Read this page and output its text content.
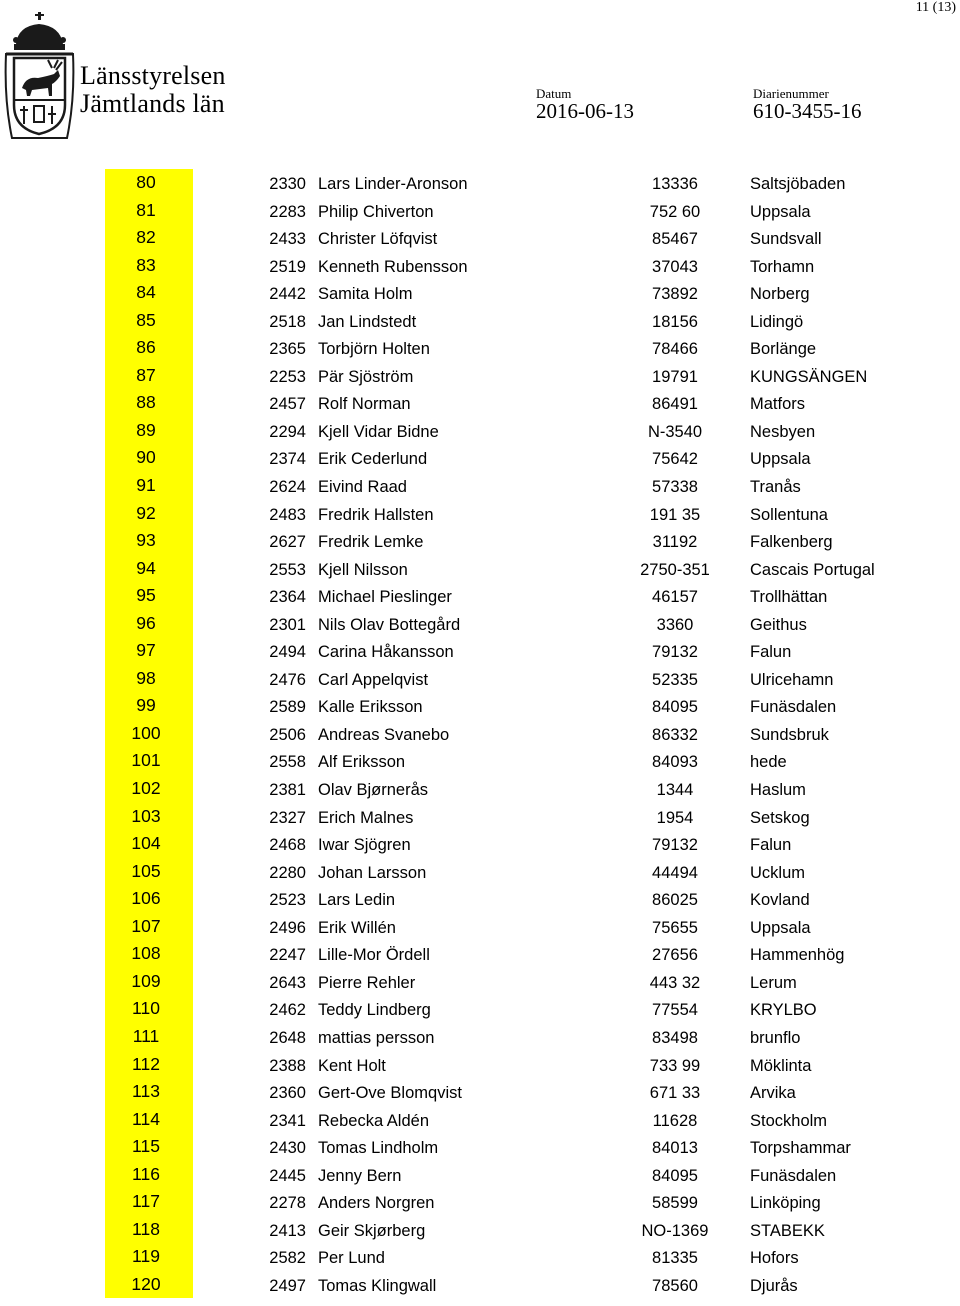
11 (13)
Länsstyrelsen
Jämtlands län	Datum
2016-06-13
Diarienummer
610-3455-16
80	2330 Lars Linder-Aronson	13336	Saltsjöbaden
81	2283 Philip Chiverton	752 60	Uppsala
82	2433 Christer Löfqvist	85467	Sundsvall
83	2519 Kenneth Rubensson	37043	Torhamn
84	2442 Samita Holm	73892	Norberg
85	2518 Jan Lindstedt	18156	Lidingö
86	2365 Torbjörn Holten	78466	Borlänge
87	2253 Pär Sjöström	19791	KUNGSÄNGEN
88	2457 Rolf Norman	86491	Matfors
89	2294 Kjell Vidar Bidne	N-3540	Nesbyen
90	2374 Erik Cederlund	75642	Uppsala
91	2624 Eivind Raad	57338	Tranås
92	2483 Fredrik Hallsten	191 35	Sollentuna
93	2627 Fredrik Lemke	31192	Falkenberg
94	2553 Kjell Nilsson	2750-351	Cascais Portugal
95	2364 Michael Pieslinger	46157	Trollhättan
96	2301 Nils Olav Bottegård	3360	Geithus
97	2494 Carina Håkansson	79132	Falun
98	2476 Carl Appelqvist	52335	Ulricehamn
99	2589 Kalle Eriksson	84095	Funäsdalen
100	2506 Andreas Svanebo	86332	Sundsbruk
101	2558 Alf Eriksson	84093	hede
102	2381 Olav Bjørnerås	1344	Haslum
103	2327 Erich Malnes	1954	Setskog
104	2468 Iwar Sjögren	79132	Falun
105	2280 Johan Larsson	44494	Ucklum
106	2523 Lars Ledin	86025	Kovland
107	2496 Erik Willén	75655	Uppsala
108	2247 Lille-Mor Ördell	27656	Hammenhög
109	2643 Pierre Rehler	443 32	Lerum
110	2462 Teddy Lindberg	77554	KRYLBO
111	2648 mattias persson	83498	brunflo
112	2388 Kent Holt	733 99	Möklinta
113	2360 Gert-Ove Blomqvist	671 33	Arvika
114	2341 Rebecka Aldén	11628	Stockholm
115	2430 Tomas Lindholm	84013	Torpshammar
116	2445 Jenny Bern	84095	Funäsdalen
117	2278 Anders Norgren	58599	Linköping
118	2413 Geir Skjørberg	NO-1369	STABEKK
119	2582 Per Lund	81335	Hofors
120	2497 Tomas Klingwall	78560	Djurås
